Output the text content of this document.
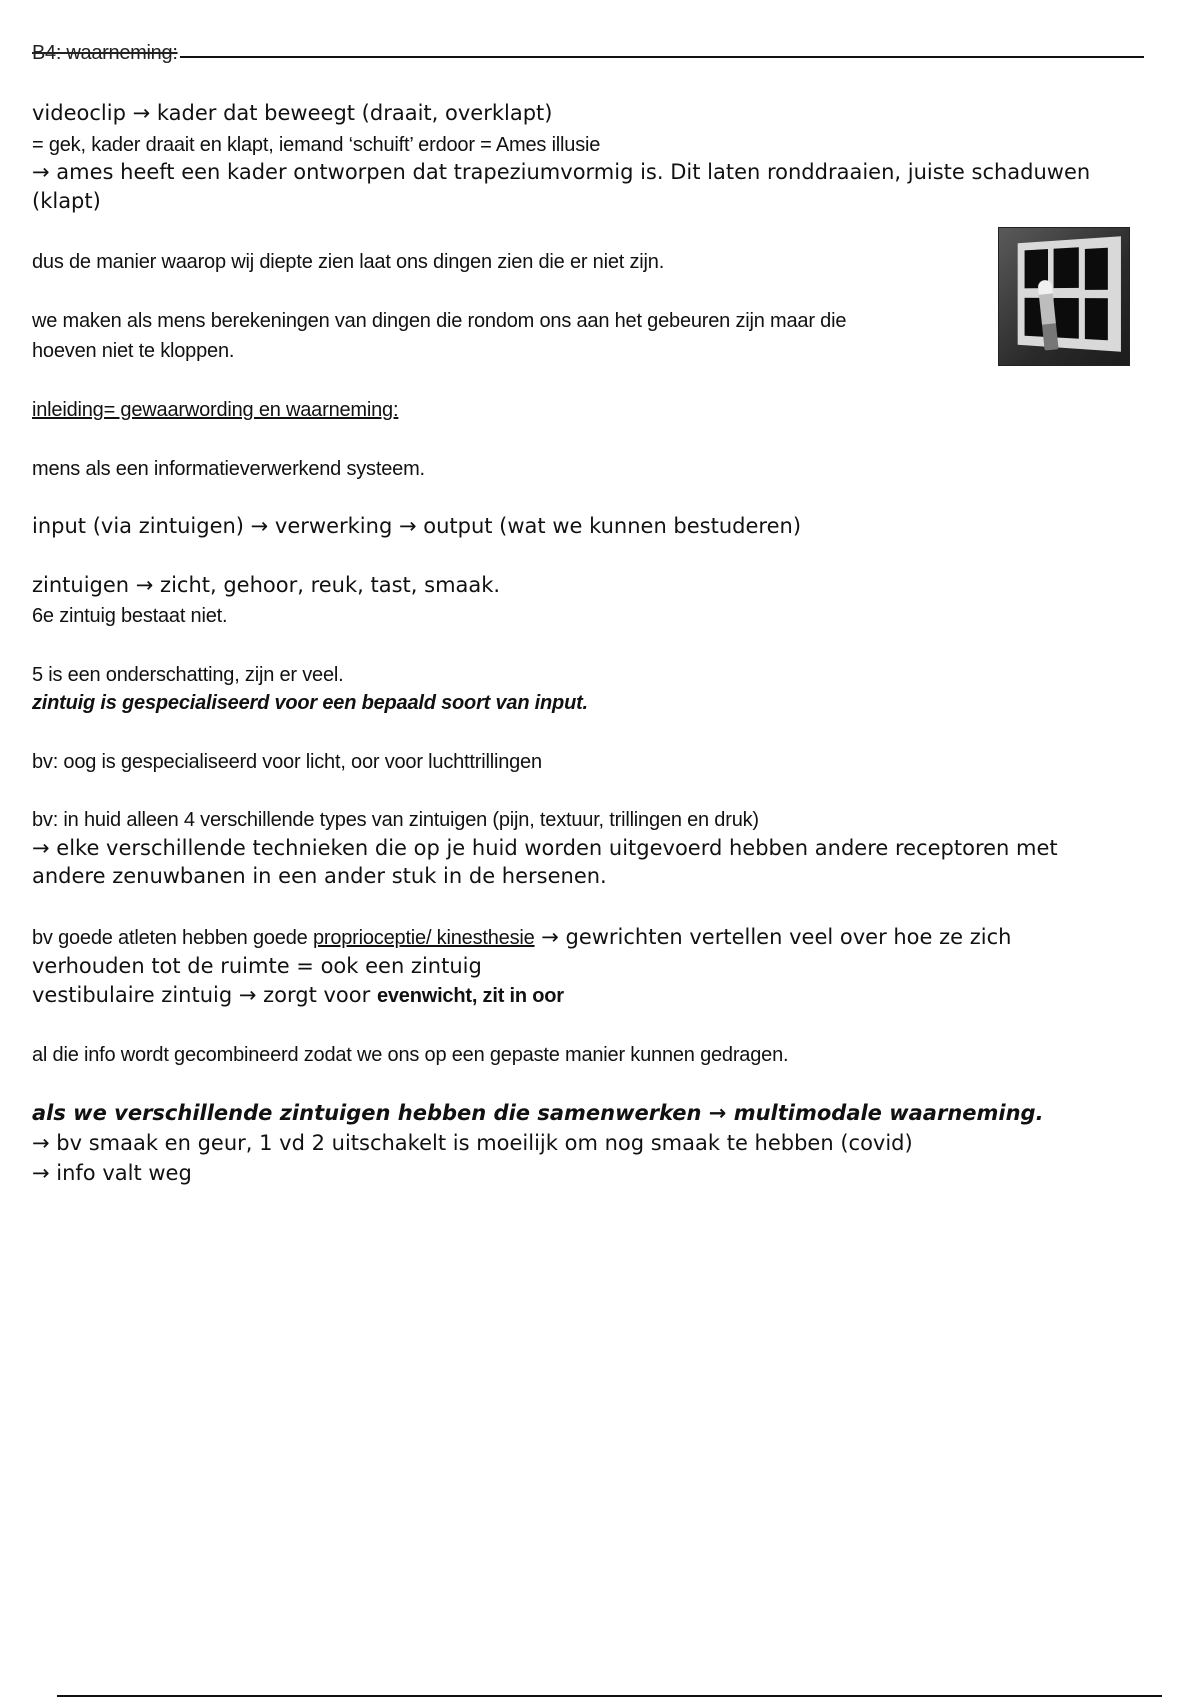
B4: waarneming:
videoclip → kader dat beweegt (draait, overklapt)
= gek, kader draait en klapt, iemand ‘schuift’ erdoor = Ames illusie
→ ames heeft een kader ontworpen dat trapeziumvormig is. Dit laten ronddraaien, juiste schaduwen
(klapt)
dus de manier waarop wij diepte zien laat ons dingen zien die er niet zijn.
we maken als mens berekeningen van dingen die rondom ons aan het gebeuren zijn maar die
hoeven niet te kloppen.
inleiding= gewaarwording en waarneming:
mens als een informatieverwerkend systeem.
input (via zintuigen) → verwerking → output (wat we kunnen bestuderen)
zintuigen → zicht, gehoor, reuk, tast, smaak.
6e zintuig bestaat niet.
5 is een onderschatting, zijn er veel.
zintuig is gespecialiseerd voor een bepaald soort van input.
bv: oog is gespecialiseerd voor licht, oor voor luchttrillingen
bv: in huid alleen 4 verschillende types van zintuigen (pijn, textuur, trillingen en druk)
→ elke verschillende technieken die op je huid worden uitgevoerd hebben andere receptoren met
andere zenuwbanen in een ander stuk in de hersenen.
bv goede atleten hebben goede proprioceptie/ kinesthesie → gewrichten vertellen veel over hoe ze zich
verhouden tot de ruimte = ook een zintuig
vestibulaire zintuig → zorgt voor evenwicht, zit in oor
al die info wordt gecombineerd zodat we ons op een gepaste manier kunnen gedragen.
als we verschillende zintuigen hebben die samenwerken → multimodale waarneming.
→ bv smaak en geur, 1 vd 2 uitschakelt is moeilijk om nog smaak te hebben (covid)
→ info valt weg
